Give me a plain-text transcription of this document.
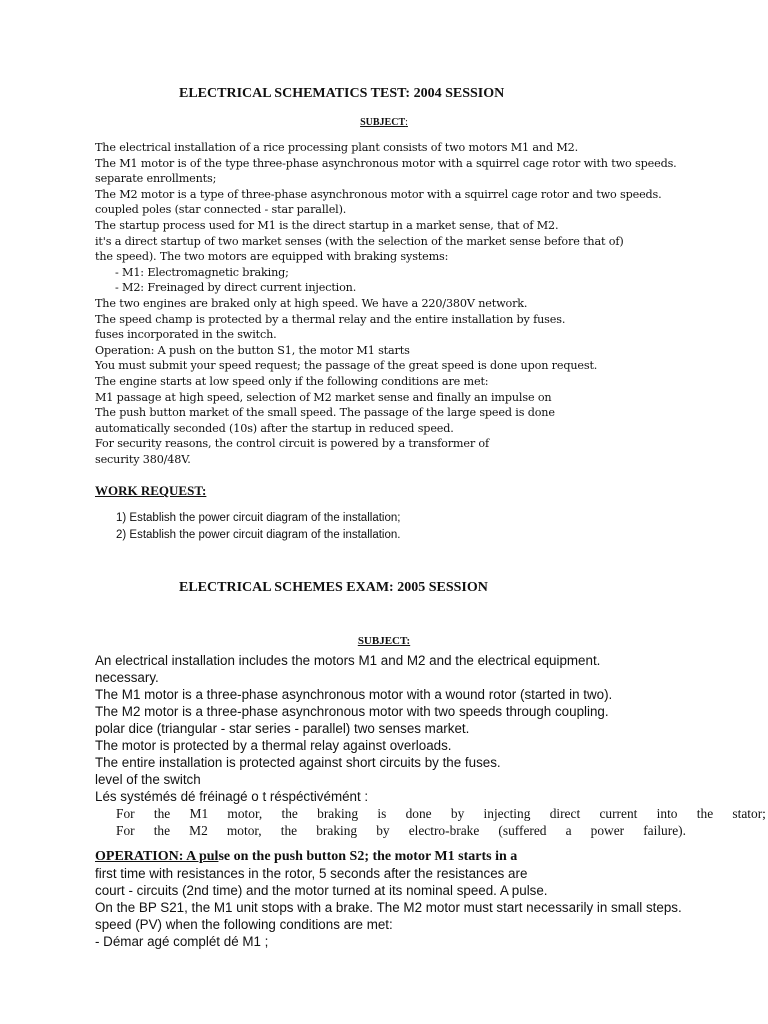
ELECTRICAL SCHEMATICS TEST: 2004 SESSION
SUBJECT:
The electrical installation of a rice processing plant consists of two motors M1 and M2.
The M1 motor is of the type three-phase asynchronous motor with a squirrel cage rotor with two speeds.
separate enrollments;
The M2 motor is a type of three-phase asynchronous motor with a squirrel cage rotor and two speeds.
coupled poles (star connected - star parallel).
The startup process used for M1 is the direct startup in a market sense, that of M2.
it's a direct startup of two market senses (with the selection of the market sense before that of)
the speed). The two motors are equipped with braking systems:
- M1: Electromagnetic braking;
- M2: Freinaged by direct current injection.
The two engines are braked only at high speed. We have a 220/380V network.
The speed champ is protected by a thermal relay and the entire installation by fuses.
fuses incorporated in the switch.
Operation: A push on the button S1, the motor M1 starts
You must submit your speed request; the passage of the great speed is done upon request.
The engine starts at low speed only if the following conditions are met:
M1 passage at high speed, selection of M2 market sense and finally an impulse on
The push button market of the small speed. The passage of the large speed is done
automatically seconded (10s) after the startup in reduced speed.
For security reasons, the control circuit is powered by a transformer of
security 380/48V.
WORK REQUEST:
1) Establish the power circuit diagram of the installation;
2) Establish the power circuit diagram of the installation.
ELECTRICAL SCHEMES EXAM: 2005 SESSION
SUBJECT:
An electrical installation includes the motors M1 and M2 and the electrical equipment.
necessary.
The M1 motor is a three-phase asynchronous motor with a wound rotor (started in two).
The M2 motor is a three-phase asynchronous motor with two speeds through coupling.
polar dice (triangular - star series - parallel) two senses market.
The motor is protected by a thermal relay against overloads.
The entire installation is protected against short circuits by the fuses.
level of the switch
Lés systémés dé fréinagé o t réspéctivémént :
For the M1 motor, the braking is done by injecting direct current into the stator;
For the M2 motor, the braking by electro-brake (suffered a power failure).
OPERATION: A pulse on the push button S2; the motor M1 starts in a
first time with resistances in the rotor, 5 seconds after the resistances are
court - circuits (2nd time) and the motor turned at its nominal speed. A pulse.
On the BP S21, the M1 unit stops with a brake. The M2 motor must start necessarily in small steps.
speed (PV) when the following conditions are met:
- Démar agé complét dé M1 ;
